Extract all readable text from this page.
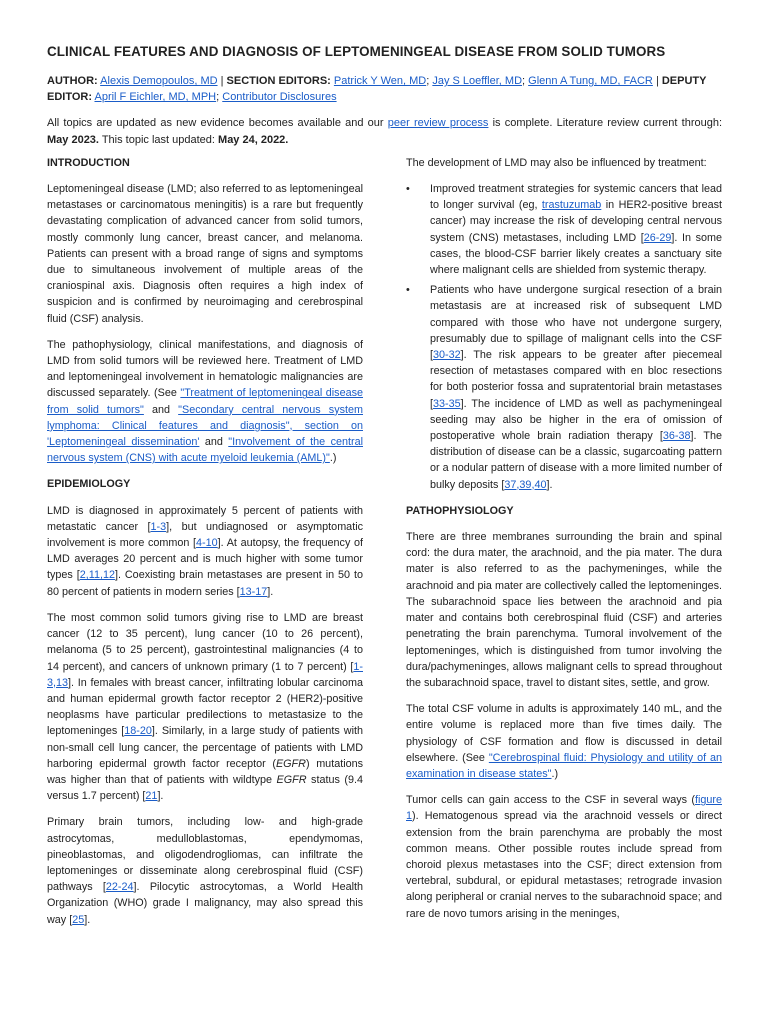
CLINICAL FEATURES AND DIAGNOSIS OF LEPTOMENINGEAL DISEASE FROM SOLID TUMORS
AUTHOR: Alexis Demopoulos, MD | SECTION EDITORS: Patrick Y Wen, MD; Jay S Loeffler, MD; Glenn A Tung, MD, FACR | DEPUTY EDITOR: April F Eichler, MD, MPH; Contributor Disclosures
All topics are updated as new evidence becomes available and our peer review process is complete. Literature review current through: May 2023. This topic last updated: May 24, 2022.
INTRODUCTION

Leptomeningeal disease (LMD; also referred to as leptomeningeal metastases or carcinomatous meningitis) is a rare but frequently devastating complication of advanced cancer from solid tumors, mostly commonly lung cancer, breast cancer, and melanoma. Patients can present with a broad range of signs and symptoms due to simultaneous involvement of multiple areas of the craniospinal axis. Diagnosis often requires a high index of suspicion and is confirmed by neuroimaging and cerebrospinal fluid (CSF) analysis.

The pathophysiology, clinical manifestations, and diagnosis of LMD from solid tumors will be reviewed here. Treatment of LMD and leptomeningeal involvement in hematologic malignancies are discussed separately. (See "Treatment of leptomeningeal disease from solid tumors" and "Secondary central nervous system lymphoma: Clinical features and diagnosis", section on 'Leptomeningeal dissemination' and "Involvement of the central nervous system (CNS) with acute myeloid leukemia (AML)".)

EPIDEMIOLOGY

LMD is diagnosed in approximately 5 percent of patients with metastatic cancer [1-3], but undiagnosed or asymptomatic involvement is more common [4-10]. At autopsy, the frequency of LMD averages 20 percent and is much higher with some tumor types [2,11,12]. Coexisting brain metastases are present in 50 to 80 percent of patients in modern series [13-17].

The most common solid tumors giving rise to LMD are breast cancer (12 to 35 percent), lung cancer (10 to 26 percent), melanoma (5 to 25 percent), gastrointestinal malignancies (4 to 14 percent), and cancers of unknown primary (1 to 7 percent) [1-3,13]. In females with breast cancer, infiltrating lobular carcinoma and human epidermal growth factor receptor 2 (HER2)-positive neoplasms have particular predilections to metastasize to the leptomeninges [18-20]. Similarly, in a large study of patients with non-small cell lung cancer, the percentage of patients with LMD harboring epidermal growth factor receptor (EGFR) mutations was higher than that of patients with wildtype EGFR status (9.4 versus 1.7 percent) [21].

Primary brain tumors, including low- and high-grade astrocytomas, medulloblastomas, ependymomas, pineoblastomas, and oligodendrogliomas, can infiltrate the leptomeninges or disseminate along cerebrospinal fluid (CSF) pathways [22-24]. Pilocytic astrocytomas, a World Health Organization (WHO) grade I malignancy, may also spread this way [25].

The development of LMD may also be influenced by treatment:

• Improved treatment strategies for systemic cancers that lead to longer survival (eg, trastuzumab in HER2-positive breast cancer) may increase the risk of developing central nervous system (CNS) metastases, including LMD [26-29]. In some cases, the blood-CSF barrier likely creates a sanctuary site where malignant cells are shielded from systemic therapy.
• Patients who have undergone surgical resection of a brain metastasis are at increased risk of subsequent LMD compared with those who have not undergone surgery, presumably due to spillage of malignant cells into the CSF [30-32]. The risk appears to be greater after piecemeal resection of metastases compared with en bloc resections for both posterior fossa and supratentorial brain metastases [33-35]. The incidence of LMD as well as pachymeningeal seeding may also be higher in the era of omission of postoperative whole brain radiation therapy [36-38]. The distribution of disease can be a classic, sugarcoating pattern or a nodular pattern of disease with a more limited number of bulky deposits [37,39,40].
PATHOPHYSIOLOGY

There are three membranes surrounding the brain and spinal cord: the dura mater, the arachnoid, and the pia mater. The dura mater is also referred to as the pachymeninges, while the arachnoid and pia mater are collectively called the leptomeninges. The subarachnoid space lies between the arachnoid and pia mater and contains both cerebrospinal fluid (CSF) and arteries penetrating the brain parenchyma. Tumoral involvement of the leptomeninges, which is distinguished from tumor involving the dura/pachymeninges, allows malignant cells to spread throughout the subarachnoid space, travel to distant sites, settle, and grow.

The total CSF volume in adults is approximately 140 mL, and the entire volume is replaced more than five times daily. The physiology of CSF formation and flow is discussed in detail elsewhere. (See "Cerebrospinal fluid: Physiology and utility of an examination in disease states".)

Tumor cells can gain access to the CSF in several ways (figure 1). Hematogenous spread via the arachnoid vessels or direct extension from the brain parenchyma are probably the most common means. Other possible routes include spread from choroid plexus metastases into the CSF; direct extension from vertebral, subdural, or epidural metastases; retrograde invasion along peripheral or cranial nerves to the subarachnoid space; and rare de novo tumors arising in the meninges,
